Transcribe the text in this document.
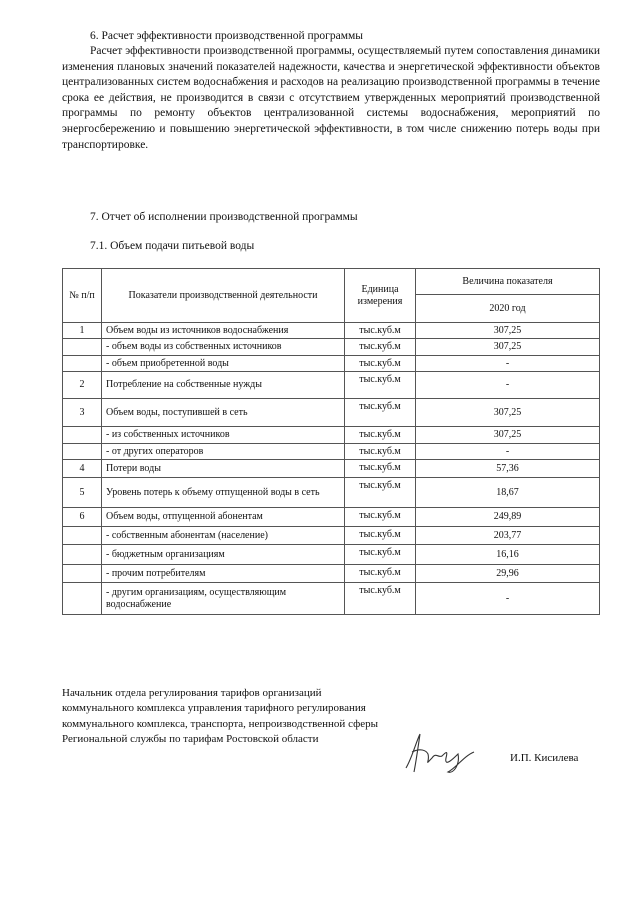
6. Расчет эффективности производственной программы
Расчет эффективности производственной программы, осуществляемый путем сопоставления динамики изменения плановых значений показателей надежности, качества и энергетической эффективности объектов централизованных систем водоснабжения и расходов на реализацию производственной программы в течение срока ее действия, не производится в связи с отсутствием утвержденных мероприятий производственной программы по ремонту объектов централизованной системы водоснабжения, мероприятий по энергосбережению и повышению энергетической эффективности, в том числе снижению потерь воды при транспортировке.
7. Отчет об исполнении производственной программы
7.1. Объем подачи питьевой воды
№ п/п	Показатели производственной деятельности	Единица измерения	Величина показателя
			2020 год
1	Объем воды из источников водоснабжения	тыс.куб.м	307,25
	- объем воды из собственных источников	тыс.куб.м	307,25
	- объем приобретенной воды	тыс.куб.м	-
2	Потребление на собственные нужды	тыс.куб.м	-
3	Объем воды, поступившей в сеть	тыс.куб.м	307,25
	- из собственных источников	тыс.куб.м	307,25
	- от других операторов	тыс.куб.м	-
4	Потери воды	тыс.куб.м	57,36
5	Уровень потерь к объему отпущенной воды в сеть	тыс.куб.м	18,67
6	Объем воды, отпущенной абонентам	тыс.куб.м	249,89
	- собственным абонентам (население)	тыс.куб.м	203,77
	- бюджетным организациям	тыс.куб.м	16,16
	- прочим потребителям	тыс.куб.м	29,96
	- другим организациям, осуществляющим водоснабжение	тыс.куб.м	-
Начальник отдела регулирования тарифов организаций коммунального комплекса управления тарифного регулирования коммунального комплекса, транспорта, непроизводственной сферы Региональной службы по тарифам Ростовской области
И.П. Кисилева
